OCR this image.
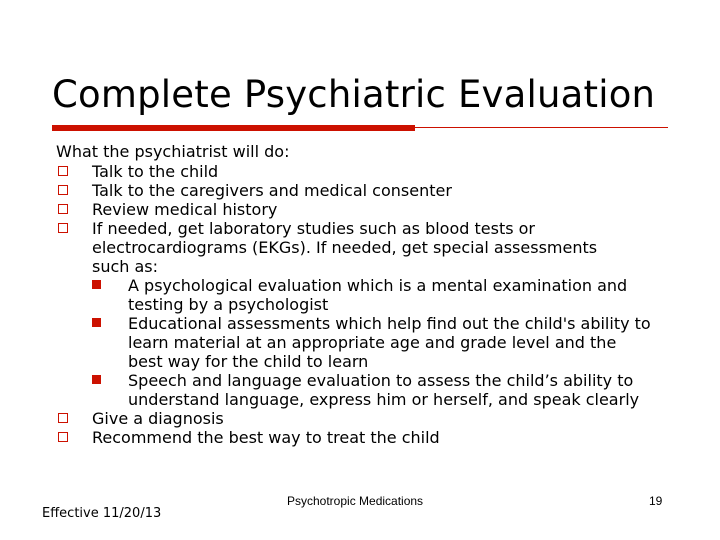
Complete Psychiatric Evaluation
What the psychiatrist will do:
Talk to the child
Talk to the caregivers and medical consenter
Review medical history
If needed, get laboratory studies such as blood tests or electrocardiograms (EKGs). If needed, get special assessments such as:
A psychological evaluation which is a mental examination and testing by a psychologist
Educational assessments which help find out the child's ability to learn material at an appropriate age and grade level and the best way for the child to learn
Speech and language evaluation to assess the child’s ability to understand language, express him or herself, and speak clearly
Give a diagnosis
Recommend the best way to treat the child
Effective 11/20/13
Psychotropic Medications	19
